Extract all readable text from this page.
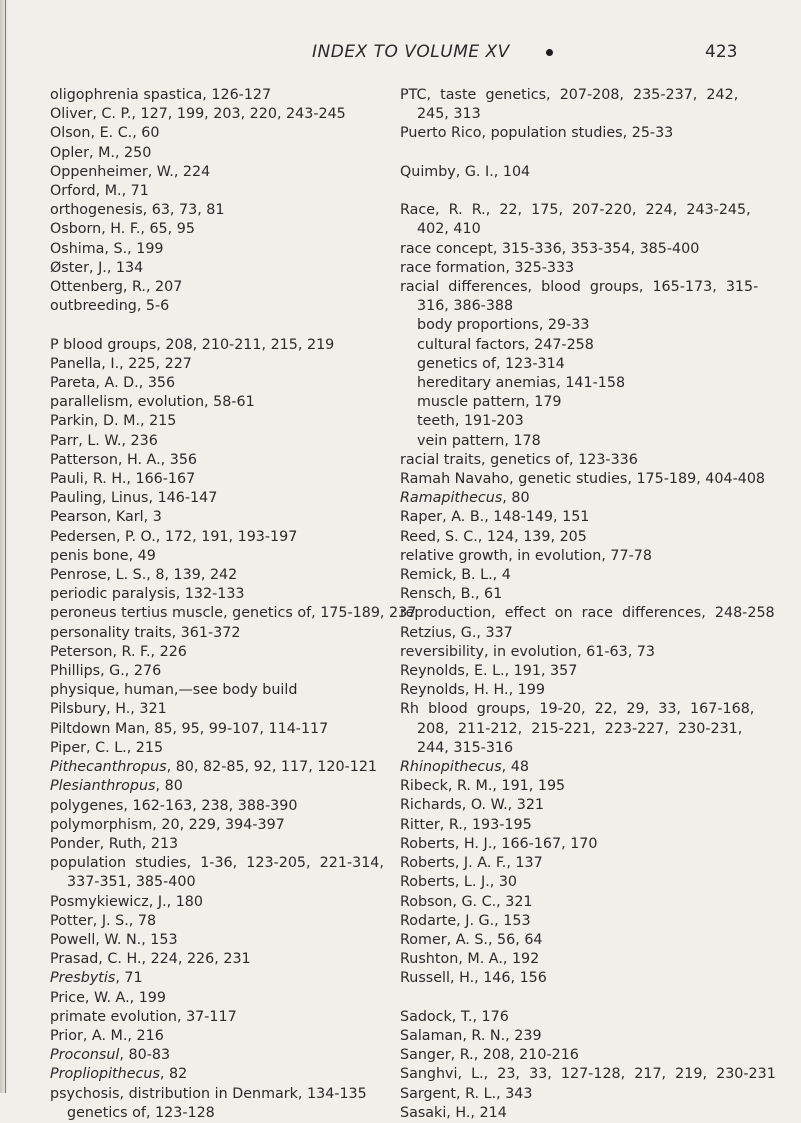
INDEX TO VOLUME XV	423
oligophrenia spastica, 126-127
Oliver, C. P., 127, 199, 203, 220, 243-245
Olson, E. C., 60
Opler, M., 250
Oppenheimer, W., 224
Orford, M., 71
orthogenesis, 63, 73, 81
Osborn, H. F., 65, 95
Oshima, S., 199
Øster, J., 134
Ottenberg, R., 207
outbreeding, 5-6
P blood groups, 208, 210-211, 215, 219
Panella, I., 225, 227
Pareta, A. D., 356
parallelism, evolution, 58-61
Parkin, D. M., 215
Parr, L. W., 236
Patterson, H. A., 356
Pauli, R. H., 166-167
Pauling, Linus, 146-147
Pearson, Karl, 3
Pedersen, P. O., 172, 191, 193-197
penis bone, 49
Penrose, L. S., 8, 139, 242
periodic paralysis, 132-133
peroneus tertius muscle, genetics of, 175-189, 237
personality traits, 361-372
Peterson, R. F., 226
Phillips, G., 276
physique, human,—see body build
Pilsbury, H., 321
Piltdown Man, 85, 95, 99-107, 114-117
Piper, C. L., 215
Pithecanthropus, 80, 82-85, 92, 117, 120-121
Plesianthropus, 80
polygenes, 162-163, 238, 388-390
polymorphism, 20, 229, 394-397
Ponder, Ruth, 213
population  studies,  1-36,  123-205,  221-314,
337-351, 385-400
Posmykiewicz, J., 180
Potter, J. S., 78
Powell, W. N., 153
Prasad, C. H., 224, 226, 231
Presbytis, 71
Price, W. A., 199
primate evolution, 37-117
Prior, A. M., 216
Proconsul, 80-83
Propliopithecus, 82
psychosis, distribution in Denmark, 134-135
genetics of, 123-128
PTC,  taste  genetics,  207-208,  235-237,  242,
245, 313
Puerto Rico, population studies, 25-33
Quimby, G. I., 104
Race,  R.  R.,  22,  175,  207-220,  224,  243-245,
402, 410
race concept, 315-336, 353-354, 385-400
race formation, 325-333
racial  differences,  blood  groups,  165-173,  315-
316, 386-388
body proportions, 29-33
cultural factors, 247-258
genetics of, 123-314
hereditary anemias, 141-158
muscle pattern, 179
teeth, 191-203
vein pattern, 178
racial traits, genetics of, 123-336
Ramah Navaho, genetic studies, 175-189, 404-408
Ramapithecus, 80
Raper, A. B., 148-149, 151
Reed, S. C., 124, 139, 205
relative growth, in evolution, 77-78
Remick, B. L., 4
Rensch, B., 61
reproduction,  effect  on  race  differences,  248-258
Retzius, G., 337
reversibility, in evolution, 61-63, 73
Reynolds, E. L., 191, 357
Reynolds, H. H., 199
Rh  blood  groups,  19-20,  22,  29,  33,  167-168,
208,  211-212,  215-221,  223-227,  230-231,
244, 315-316
Rhinopithecus, 48
Ribeck, R. M., 191, 195
Richards, O. W., 321
Ritter, R., 193-195
Roberts, H. J., 166-167, 170
Roberts, J. A. F., 137
Roberts, L. J., 30
Robson, G. C., 321
Rodarte, J. G., 153
Romer, A. S., 56, 64
Rushton, M. A., 192
Russell, H., 146, 156
Sadock, T., 176
Salaman, R. N., 239
Sanger, R., 208, 210-216
Sanghvi,  L.,  23,  33,  127-128,  217,  219,  230-231
Sargent, R. L., 343
Sasaki, H., 214
